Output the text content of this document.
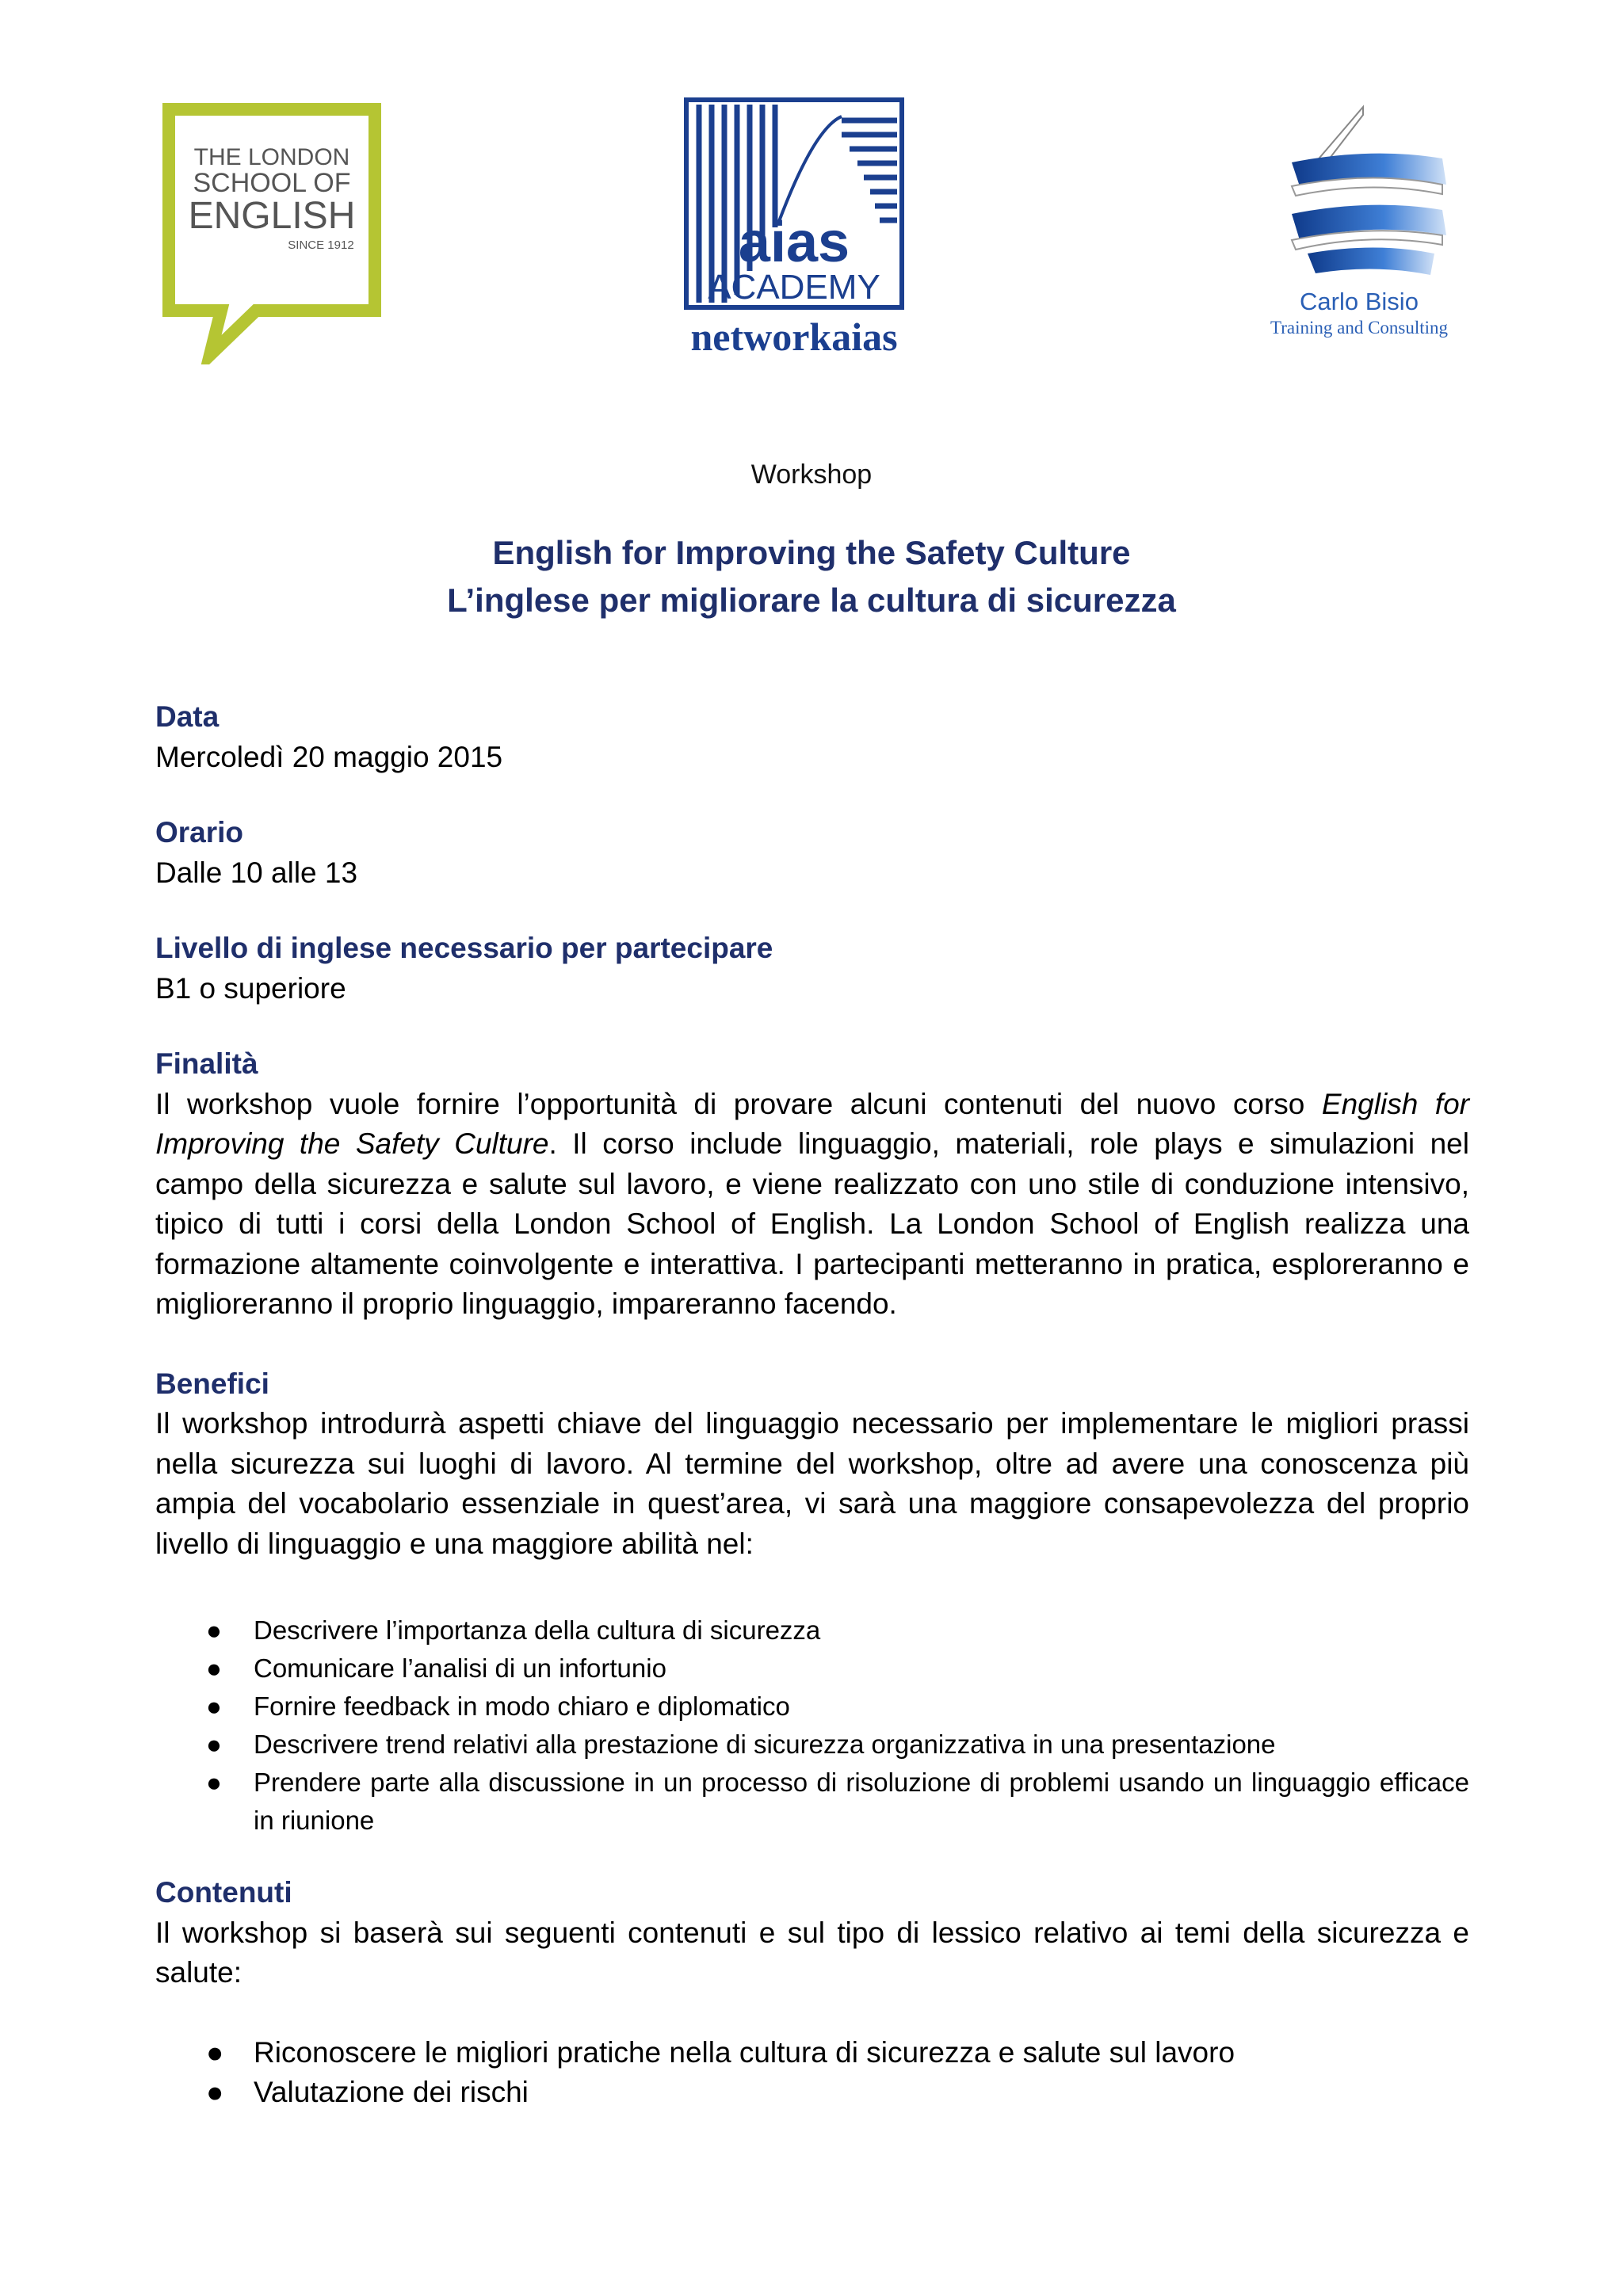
THE LONDON
SCHOOL OF
ENGLISH
SINCE 1912	aias
ACADEMY
networkaias
Carlo Bisio
Training and Consulting
Workshop
English for Improving the Safety Culture
L’inglese per migliorare la cultura di sicurezza
Data
Mercoledì 20 maggio 2015
Orario
Dalle 10 alle 13
Livello di inglese necessario per partecipare
B1 o superiore
Finalità
Il workshop vuole fornire l’opportunità di provare alcuni contenuti del nuovo corso English for Improving the Safety Culture. Il corso include linguaggio, materiali, role plays e simulazioni nel campo della sicurezza e salute sul lavoro, e viene realizzato con uno stile di conduzione intensivo, tipico di tutti i corsi della London School of English. La London School of English realizza una formazione altamente coinvolgente e interattiva. I partecipanti metteranno in pratica, esploreranno e miglioreranno il proprio linguaggio, impareranno facendo.
Benefici
Il workshop introdurrà aspetti chiave del linguaggio necessario per implementare le migliori prassi nella sicurezza sui luoghi di lavoro. Al termine del workshop, oltre ad avere una conoscenza più ampia del vocabolario essenziale in quest’area, vi sarà una maggiore consapevolezza del proprio livello di linguaggio e una maggiore abilità nel:
● Descrivere l’importanza della cultura di sicurezza
● Comunicare l’analisi di un infortunio
● Fornire feedback in modo chiaro e diplomatico
● Descrivere trend relativi alla prestazione di sicurezza organizzativa in una presentazione
● Prendere parte alla discussione in un processo di risoluzione di problemi usando un linguaggio efficace in riunione
Contenuti
Il workshop si baserà sui seguenti contenuti e sul tipo di lessico relativo ai temi della sicurezza e salute:
● Riconoscere le migliori pratiche nella cultura di sicurezza e salute sul lavoro
● Valutazione dei rischi
